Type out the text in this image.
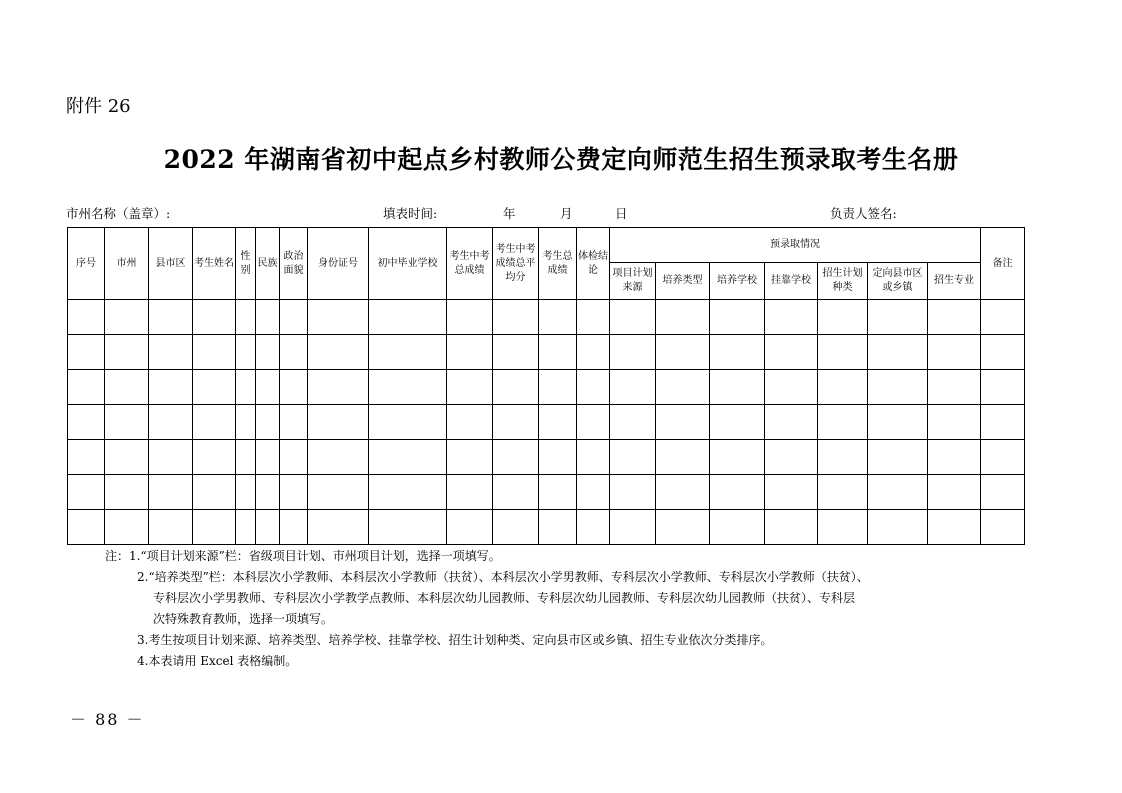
附件 26
2022 年湖南省初中起点乡村教师公费定向师范生招生预录取考生名册
市州名称（盖章）:	填表时间:	年	月	日	负责人签名:
序号	市州	县市区	考生姓名	性别	民族	政治面貌	身份证号	初中毕业学校	考生中考总成绩	考生中考成绩总平均分	考生总成绩	体检结论	预录取情况							备注
													项目计划来源	培养类型	培养学校	挂靠学校	招生计划种类	定向县市区或乡镇	招生专业	

注：1.“项目计划来源”栏：省级项目计划、市州项目计划，选择一项填写。
2.“培养类型”栏：本科层次小学教师、本科层次小学教师（扶贫）、本科层次小学男教师、专科层次小学教师、专科层次小学教师（扶贫）、
专科层次小学男教师、专科层次小学教学点教师、本科层次幼儿园教师、专科层次幼儿园教师、专科层次幼儿园教师（扶贫）、专科层
次特殊教育教师，选择一项填写。
3.考生按项目计划来源、培养类型、培养学校、挂靠学校、招生计划种类、定向县市区或乡镇、招生专业依次分类排序。
4.本表请用 Excel 表格编制。
－ 88 －
